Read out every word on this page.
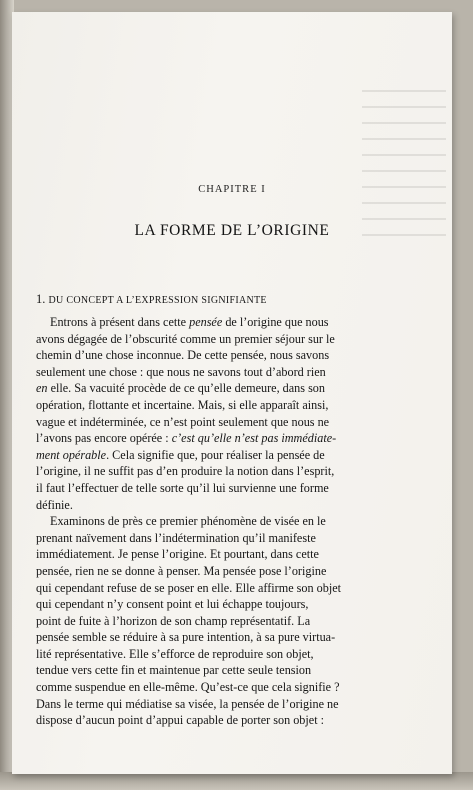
CHAPITRE I
LA FORME DE L’ORIGINE
1. DU CONCEPT A L’EXPRESSION SIGNIFIANTE
Entrons à présent dans cette pensée de l’origine que nous
avons dégagée de l’obscurité comme un premier séjour sur le
chemin d’une chose inconnue. De cette pensée, nous savons
seulement une chose : que nous ne savons tout d’abord rien
en elle. Sa vacuité procède de ce qu’elle demeure, dans son
opération, flottante et incertaine. Mais, si elle apparaît ainsi,
vague et indéterminée, ce n’est point seulement que nous ne
l’avons pas encore opérée : c’est qu’elle n’est pas immédiate-
ment opérable. Cela signifie que, pour réaliser la pensée de
l’origine, il ne suffit pas d’en produire la notion dans l’esprit,
il faut l’effectuer de telle sorte qu’il lui survienne une forme
définie.
Examinons de près ce premier phénomène de visée en le
prenant naïvement dans l’indétermination qu’il manifeste
immédiatement. Je pense l’origine. Et pourtant, dans cette
pensée, rien ne se donne à penser. Ma pensée pose l’origine
qui cependant refuse de se poser en elle. Elle affirme son objet
qui cependant n’y consent point et lui échappe toujours,
point de fuite à l’horizon de son champ représentatif. La
pensée semble se réduire à sa pure intention, à sa pure virtua-
lité représentative. Elle s’efforce de reproduire son objet,
tendue vers cette fin et maintenue par cette seule tension
comme suspendue en elle-même. Qu’est-ce que cela signifie ?
Dans le terme qui médiatise sa visée, la pensée de l’origine ne
dispose d’aucun point d’appui capable de porter son objet :
